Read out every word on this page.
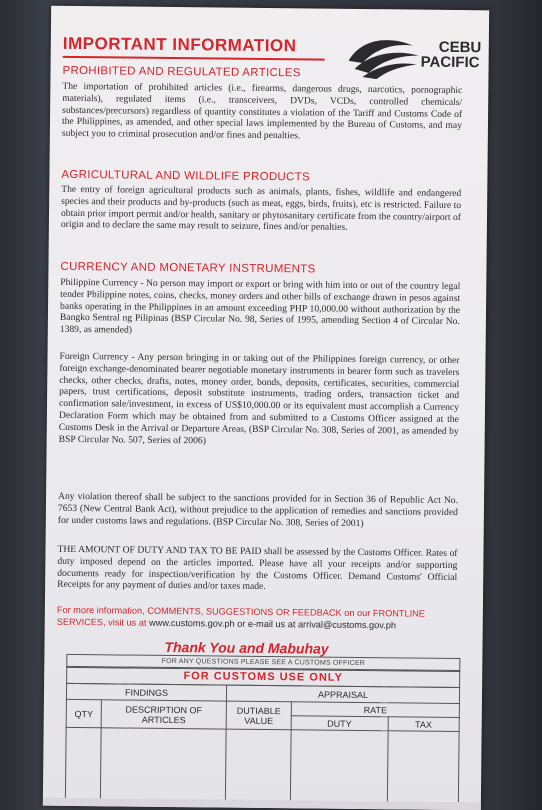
IMPORTANT INFORMATION	CEBU
PACIFIC
PROHIBITED AND REGULATED ARTICLES
The importation of prohibited articles (i.e., firearms, dangerous drugs, narcotics, pornographic materials), regulated items (i.e., transceivers, DVDs, VCDs, controlled chemicals/ substances/precursors) regardless of quantity constitutes a violation of the Tariff and Customs Code of the Philippines, as amended, and other special laws implemented by the Bureau of Customs, and may subject you to criminal prosecution and/or fines and penalties.
AGRICULTURAL AND WILDLIFE PRODUCTS
The entry of foreign agricultural products such as animals, plants, fishes, wildlife and endangered species and their products and by-products (such as meat, eggs, birds, fruits), etc is restricted. Failure to obtain prior import permit and/or health, sanitary or phytosanitary certificate from the country/airport of origin and to declare the same may result to seizure, fines and/or penalties.
CURRENCY AND MONETARY INSTRUMENTS
Philippine Currency - No person may import or export or bring with him into or out of the country legal tender Philippine notes, coins, checks, money orders and other bills of exchange drawn in pesos against banks operating in the Philippines in an amount exceeding PHP 10,000.00 without authorization by the Bangko Sentral ng Pilipinas (BSP Circular No. 98, Series of 1995, amending Section 4 of Circular No. 1389, as amended)
Foreign Currency - Any person bringing in or taking out of the Philippines foreign currency, or other foreign exchange-denominated bearer negotiable monetary instruments in bearer form such as travelers checks, other checks, drafts, notes, money order, bonds, deposits, certificates, securities, commercial papers, trust certifications, deposit substitute instruments, trading orders, transaction ticket and confirmation sale/investment, in excess of US$10,000.00 or its equivalent must accomplish a Currency Declaration Form which may be obtained from and submitted to a Customs Officer assigned at the Customs Desk in the Arrival or Departure Areas, (BSP Circular No. 308, Series of 2001, as amended by BSP Circular No. 507, Series of 2006)
Any violation thereof shall be subject to the sanctions provided for in Section 36 of Republic Act No. 7653 (New Central Bank Act), without prejudice to the application of remedies and sanctions provided for under customs laws and regulations. (BSP Circular No. 308, Series of 2001)
THE AMOUNT OF DUTY AND TAX TO BE PAID shall be assessed by the Customs Officer. Rates of duty imposed depend on the articles imported. Please have all your receipts and/or supporting documents ready for inspection/verification by the Customs Officer. Demand Customs' Official Receipts for any payment of duties and/or taxes made.
For more information, COMMENTS, SUGGESTIONS OR FEEDBACK on our FRONTLINE SERVICES, visit us at www.customs.gov.ph or e-mail us at arrival@customs.gov.ph
Thank You and Mabuhay
FOR ANY QUESTIONS PLEASE SEE A CUSTOMS OFFICER
FOR CUSTOMS USE ONLY
FINDINGS		APPRAISAL		
QTY	DESCRIPTION OF ARTICLES	DUTIABLE VALUE	RATE	
			DUTY	TAX
